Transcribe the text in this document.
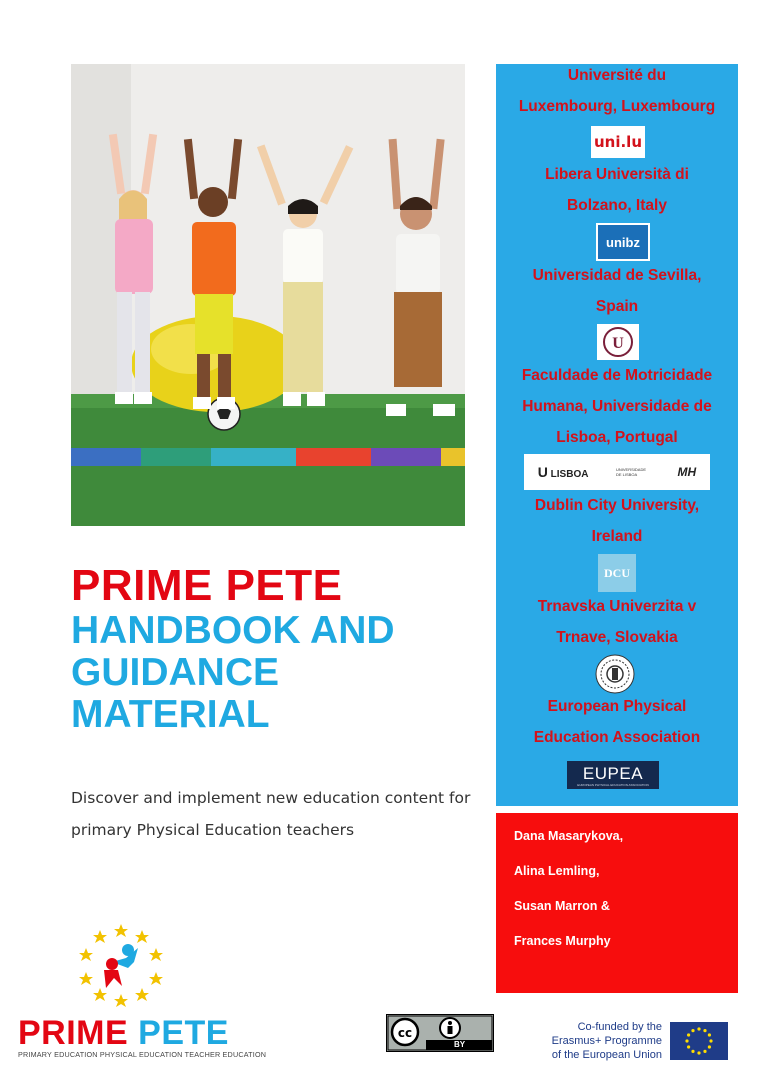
PRIME PETE
HANDBOOK AND
GUIDANCE
MATERIAL
Discover and implement new education content for
primary Physical Education teachers
Université du
Luxembourg, Luxembourg
uni.lu
Libera Università di
Bolzano, Italy
unibz
Universidad de Sevilla,
Spain
U
Faculdade de Motricidade
Humana, Universidade de
Lisboa, Portugal
U LISBOA	UNIVERSIDADE DE LISBOA	MH
Dublin City University,
Ireland
DCU
Trnavska Univerzita v
Trnave, Slovakia
European Physical
Education Association
EUPEA
EUROPEAN PHYSICAL EDUCATION ASSOCIATION
Dana Masarykova,
Alina Lemling,
Susan Marron &
Frances Murphy
PRIME PETE
PRIMARY EDUCATION PHYSICAL EDUCATION TEACHER EDUCATION
cc
BY
Co-funded by the
Erasmus+ Programme
of the European Union
